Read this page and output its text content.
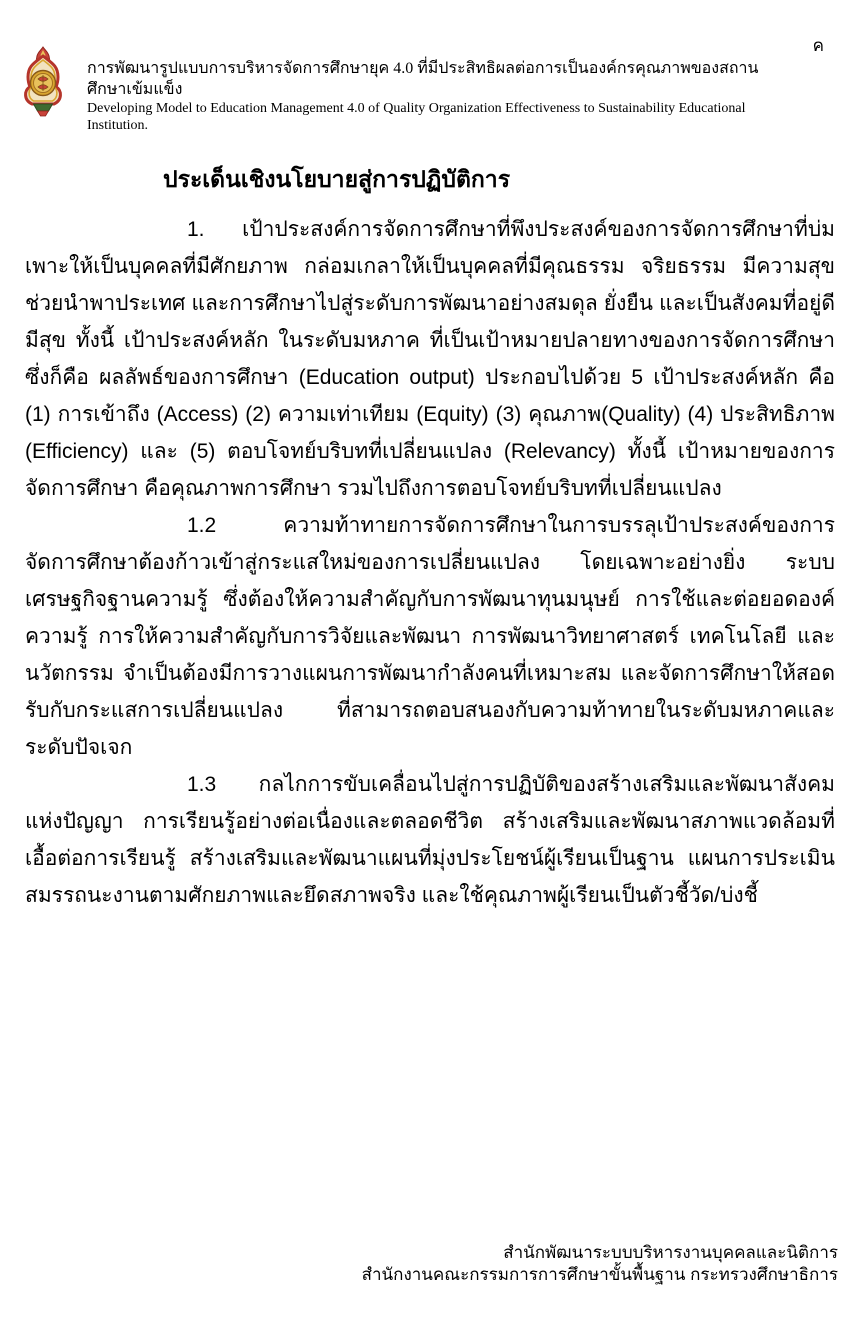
ค
การพัฒนารูปแบบการบริหารจัดการศึกษายุค 4.0 ที่มีประสิทธิผลต่อการเป็นองค์กรคุณภาพของสถานศึกษาเข้มแข็ง
Developing Model to Education Management 4.0 of Quality Organization Effectiveness to Sustainability Educational
Institution.
ประเด็นเชิงนโยบายสู่การปฏิบัติการ

1. เป้าประสงค์การจัดการศึกษาที่พึงประสงค์ของการจัดการศึกษาที่บ่มเพาะให้เป็นบุคคลที่มีศักยภาพ กล่อมเกลาให้เป็นบุคคลที่มีคุณธรรม จริยธรรม มีความสุข ช่วยนำพาประเทศ และการศึกษาไปสู่ระดับการพัฒนาอย่างสมดุล ยั่งยืน และเป็นสังคมที่อยู่ดีมีสุข ทั้งนี้ เป้าประสงค์หลัก ในระดับมหภาค ที่เป็นเป้าหมายปลายทางของการจัดการศึกษา ซึ่งก็คือ ผลลัพธ์ของการศึกษา (Education output) ประกอบไปด้วย 5 เป้าประสงค์หลัก คือ (1) การเข้าถึง (Access) (2) ความเท่าเทียม (Equity) (3) คุณภาพ(Quality) (4) ประสิทธิภาพ (Efficiency) และ (5) ตอบโจทย์บริบทที่เปลี่ยนแปลง (Relevancy) ทั้งนี้ เป้าหมายของการจัดการศึกษา คือคุณภาพการศึกษา รวมไปถึงการตอบโจทย์บริบทที่เปลี่ยนแปลง

1.2 ความท้าทายการจัดการศึกษาในการบรรลุเป้าประสงค์ของการจัดการศึกษาต้องก้าวเข้าสู่กระแสใหม่ของการเปลี่ยนแปลง โดยเฉพาะอย่างยิ่ง ระบบเศรษฐกิจฐานความรู้ ซึ่งต้องให้ความสำคัญกับการพัฒนาทุนมนุษย์ การใช้และต่อยอดองค์ความรู้ การให้ความสำคัญกับการวิจัยและพัฒนา การพัฒนาวิทยาศาสตร์ เทคโนโลยี และนวัตกรรม จำเป็นต้องมีการวางแผนการพัฒนากำลังคนที่เหมาะสม และจัดการศึกษาให้สอดรับกับกระแสการเปลี่ยนแปลง ที่สามารถตอบสนองกับความท้าทายในระดับมหภาคและระดับปัจเจก

1.3 กลไกการขับเคลื่อนไปสู่การปฏิบัติของสร้างเสริมและพัฒนาสังคมแห่งปัญญา การเรียนรู้อย่างต่อเนื่องและตลอดชีวิต สร้างเสริมและพัฒนาสภาพแวดล้อมที่เอื้อต่อการเรียนรู้ สร้างเสริมและพัฒนาแผนที่มุ่งประโยชน์ผู้เรียนเป็นฐาน แผนการประเมินสมรรถนะงานตามศักยภาพและยึดสภาพจริง และใช้คุณภาพผู้เรียนเป็นตัวชี้วัด/บ่งชี้

สำนักพัฒนาระบบบริหารงานบุคคลและนิติการ
สำนักงานคณะกรรมการการศึกษาขั้นพื้นฐาน กระทรวงศึกษาธิการ
